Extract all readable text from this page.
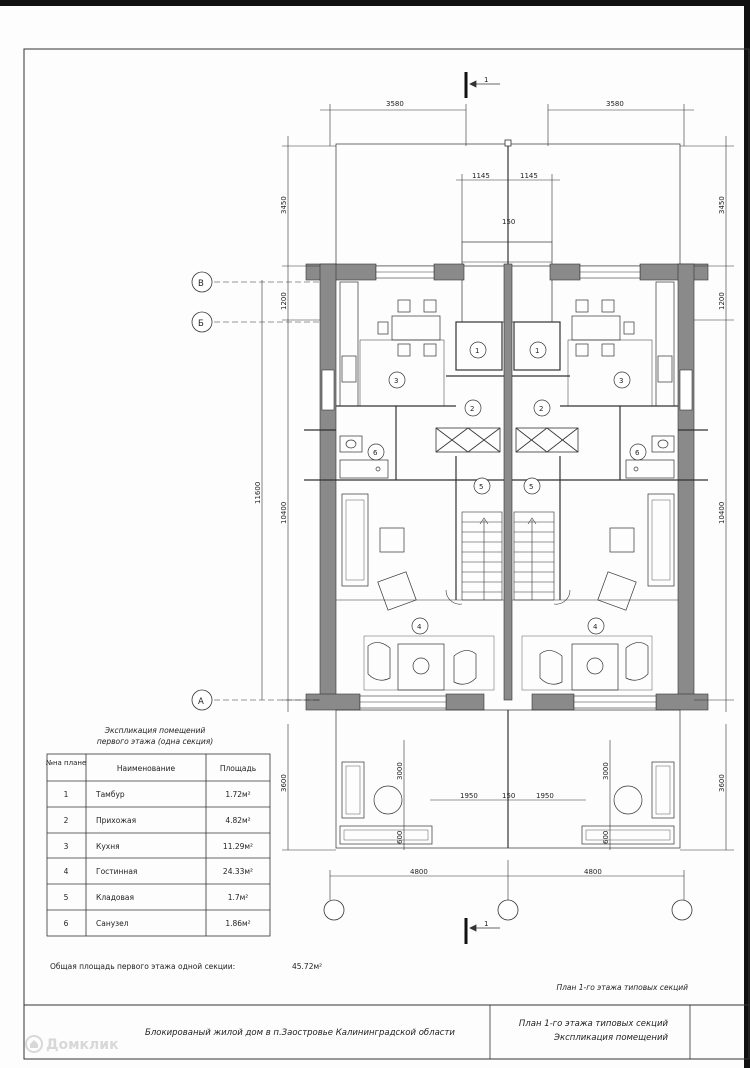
1
1
3580	3580
1145	1145
150
3450	3450
1200	1200
11600
10400	10400
3600	3600
3000	3000
600	600
1950	150	1950
4800	4800
В
Б
А
1	1
2	2
3	3
4	4
5	5
6	6
Экспликация помещений
первого этажа (одна секция)
№на плане
Наименование	Площадь
1	Тамбур	1.72м²
2	Прихожая	4.82м²
3	Кухня	11.29м²
4	Гостинная	24.33м²
5	Кладовая	1.7м²
6	Санузел	1.86м²
Общая площадь первого этажа одной секции:	45.72м²
План 1-го этажа типовых секций
Блокированый жилой дом в п.Заостровье Калининградской области
План 1-го этажа типовых секций
Экспликация помещений
Домклик
